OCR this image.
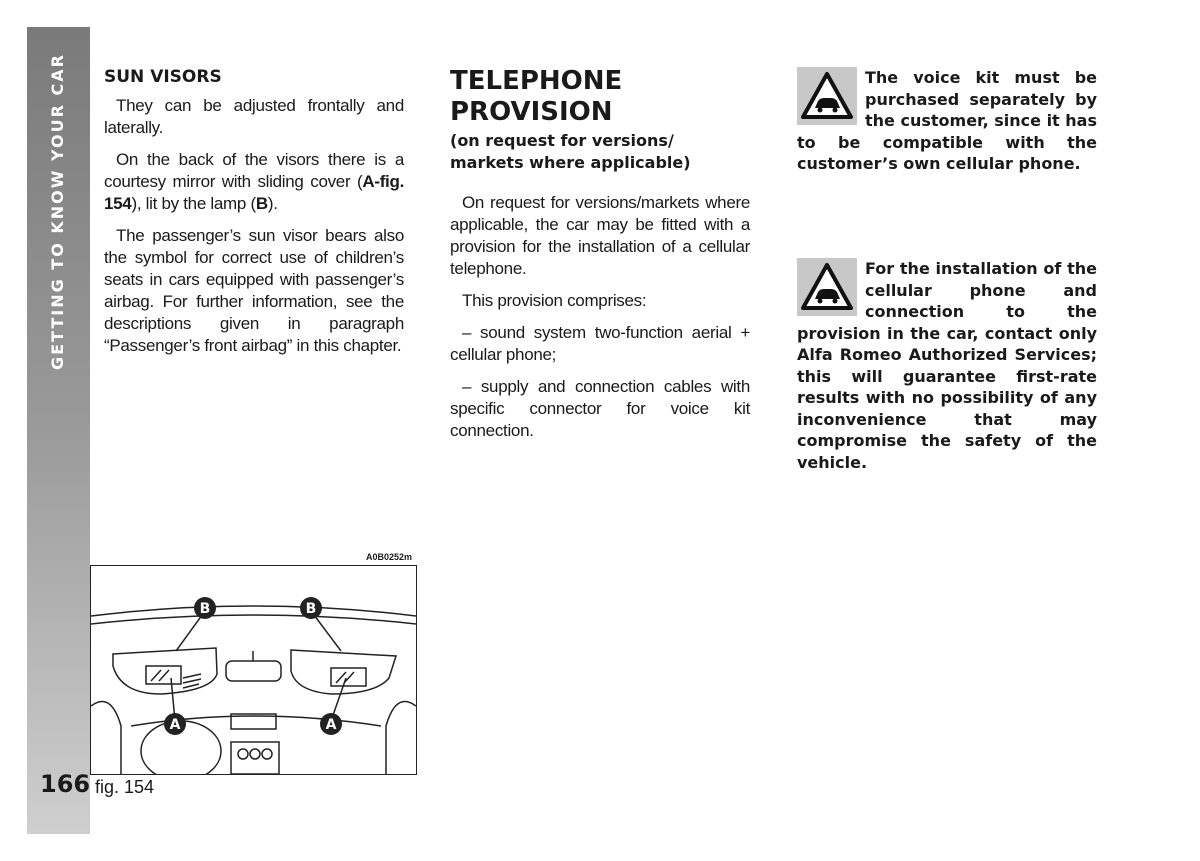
GETTING TO KNOW YOUR CAR
166
SUN VISORS

They can be adjusted frontally and laterally.

On the back of the visors there is a courtesy mirror with sliding cover (A-fig. 154), lit by the lamp (B).

The passenger’s sun visor bears also the symbol for correct use of children’s seats in cars equipped with passenger’s airbag. For further information, see the descriptions given in paragraph “Passenger’s front airbag” in this chapter.

A0B0252m
B	B
A	A
fig. 154
TELEPHONE
PROVISION
(on request for versions/
markets where applicable)

On request for versions/markets where applicable, the car may be fitted with a provision for the installation of a cellular telephone.

This provision comprises:

– sound system two-function aerial + cellular phone;

– supply and connection cables with specific connector for voice kit connection.

The voice kit must be purchased separately by the customer, since it has to be compatible with the customer’s own cellular phone.
For the installation of the cellular phone and connection to the provision in the car, contact only Alfa Romeo Authorized Services; this will guarantee first-rate results with no possibility of any inconvenience that may compromise the safety of the vehicle.
